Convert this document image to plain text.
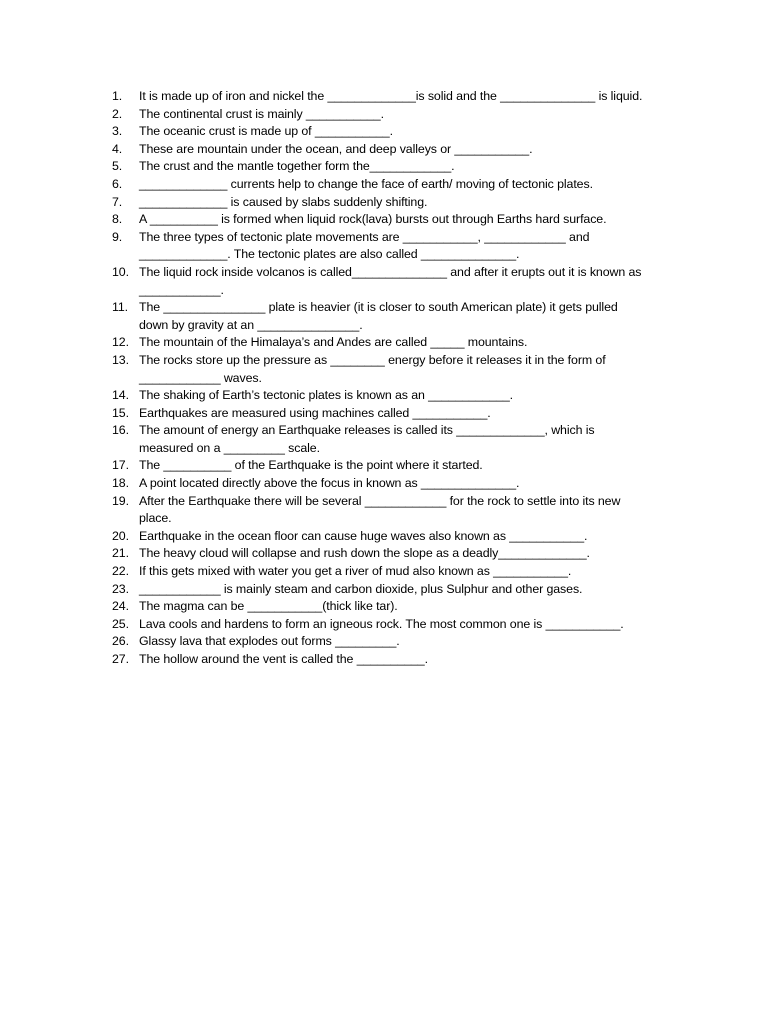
1. It is made up of iron and nickel the _____________is solid and the ______________ is liquid.
2. The continental crust is mainly ___________.
3. The oceanic crust is made up of ___________.
4. These are mountain under the ocean, and deep valleys or ___________.
5. The crust and the mantle together form the____________.
6. _____________ currents help to change the face of earth/ moving of tectonic plates.
7. _____________ is caused by slabs suddenly shifting.
8. A __________ is formed when liquid rock(lava) bursts out through Earths hard surface.
9. The three types of tectonic plate movements are ___________, ____________ and
_____________. The tectonic plates are also called ______________.
10. The liquid rock inside volcanos is called______________ and after it erupts out it is known as
____________.
11. The _______________ plate is heavier (it is closer to south American plate) it gets pulled
down by gravity at an _______________.
12. The mountain of the Himalaya’s and Andes are called _____ mountains.
13. The rocks store up the pressure as ________ energy before it releases it in the form of
____________ waves.
14. The shaking of Earth’s tectonic plates is known as an ____________.
15. Earthquakes are measured using machines called ___________.
16. The amount of energy an Earthquake releases is called its _____________, which is
measured on a _________ scale.
17. The __________ of the Earthquake is the point where it started.
18. A point located directly above the focus in known as ______________.
19. After the Earthquake there will be several ____________ for the rock to settle into its new
place.
20. Earthquake in the ocean floor can cause huge waves also known as ___________.
21. The heavy cloud will collapse and rush down the slope as a deadly_____________.
22. If this gets mixed with water you get a river of mud also known as ___________.
23. ____________ is mainly steam and carbon dioxide, plus Sulphur and other gases.
24. The magma can be ___________(thick like tar).
25. Lava cools and hardens to form an igneous rock. The most common one is ___________.
26. Glassy lava that explodes out forms _________.
27. The hollow around the vent is called the __________.
